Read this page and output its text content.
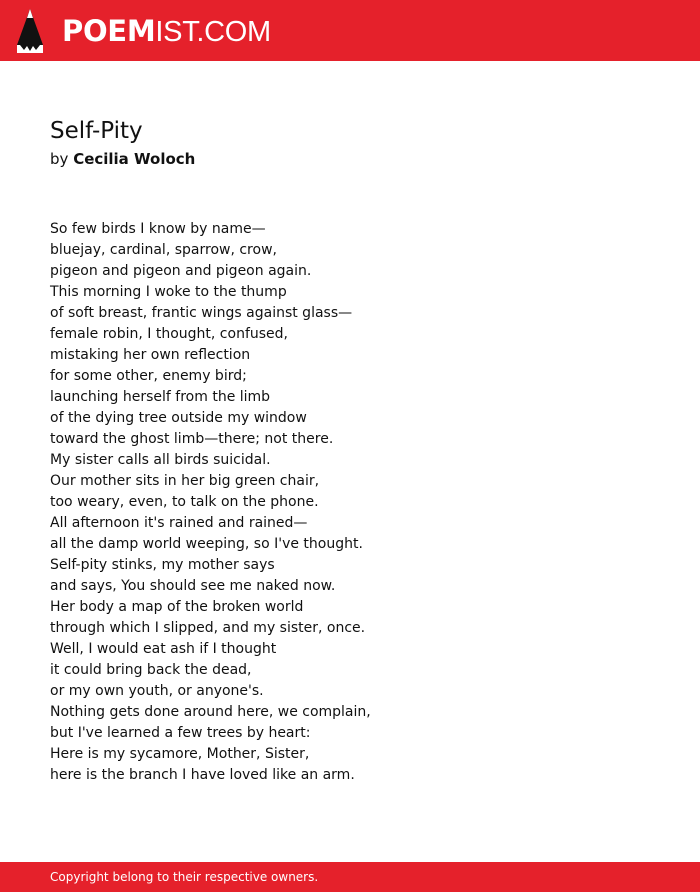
POEMIST.COM
Self-Pity
by Cecilia Woloch
So few birds I know by name—
bluejay, cardinal, sparrow, crow,
pigeon and pigeon and pigeon again.
This morning I woke to the thump
of soft breast, frantic wings against glass—
female robin, I thought, confused,
mistaking her own reflection
for some other, enemy bird;
launching herself from the limb
of the dying tree outside my window
toward the ghost limb—there; not there.
My sister calls all birds suicidal.
Our mother sits in her big green chair,
too weary, even, to talk on the phone.
All afternoon it's rained and rained—
all the damp world weeping, so I've thought.
Self-pity stinks, my mother says
and says, You should see me naked now.
Her body a map of the broken world
through which I slipped, and my sister, once.
Well, I would eat ash if I thought
it could bring back the dead,
or my own youth, or anyone's.
Nothing gets done around here, we complain,
but I've learned a few trees by heart:
Here is my sycamore, Mother, Sister,
here is the branch I have loved like an arm.
Copyright belong to their respective owners.
